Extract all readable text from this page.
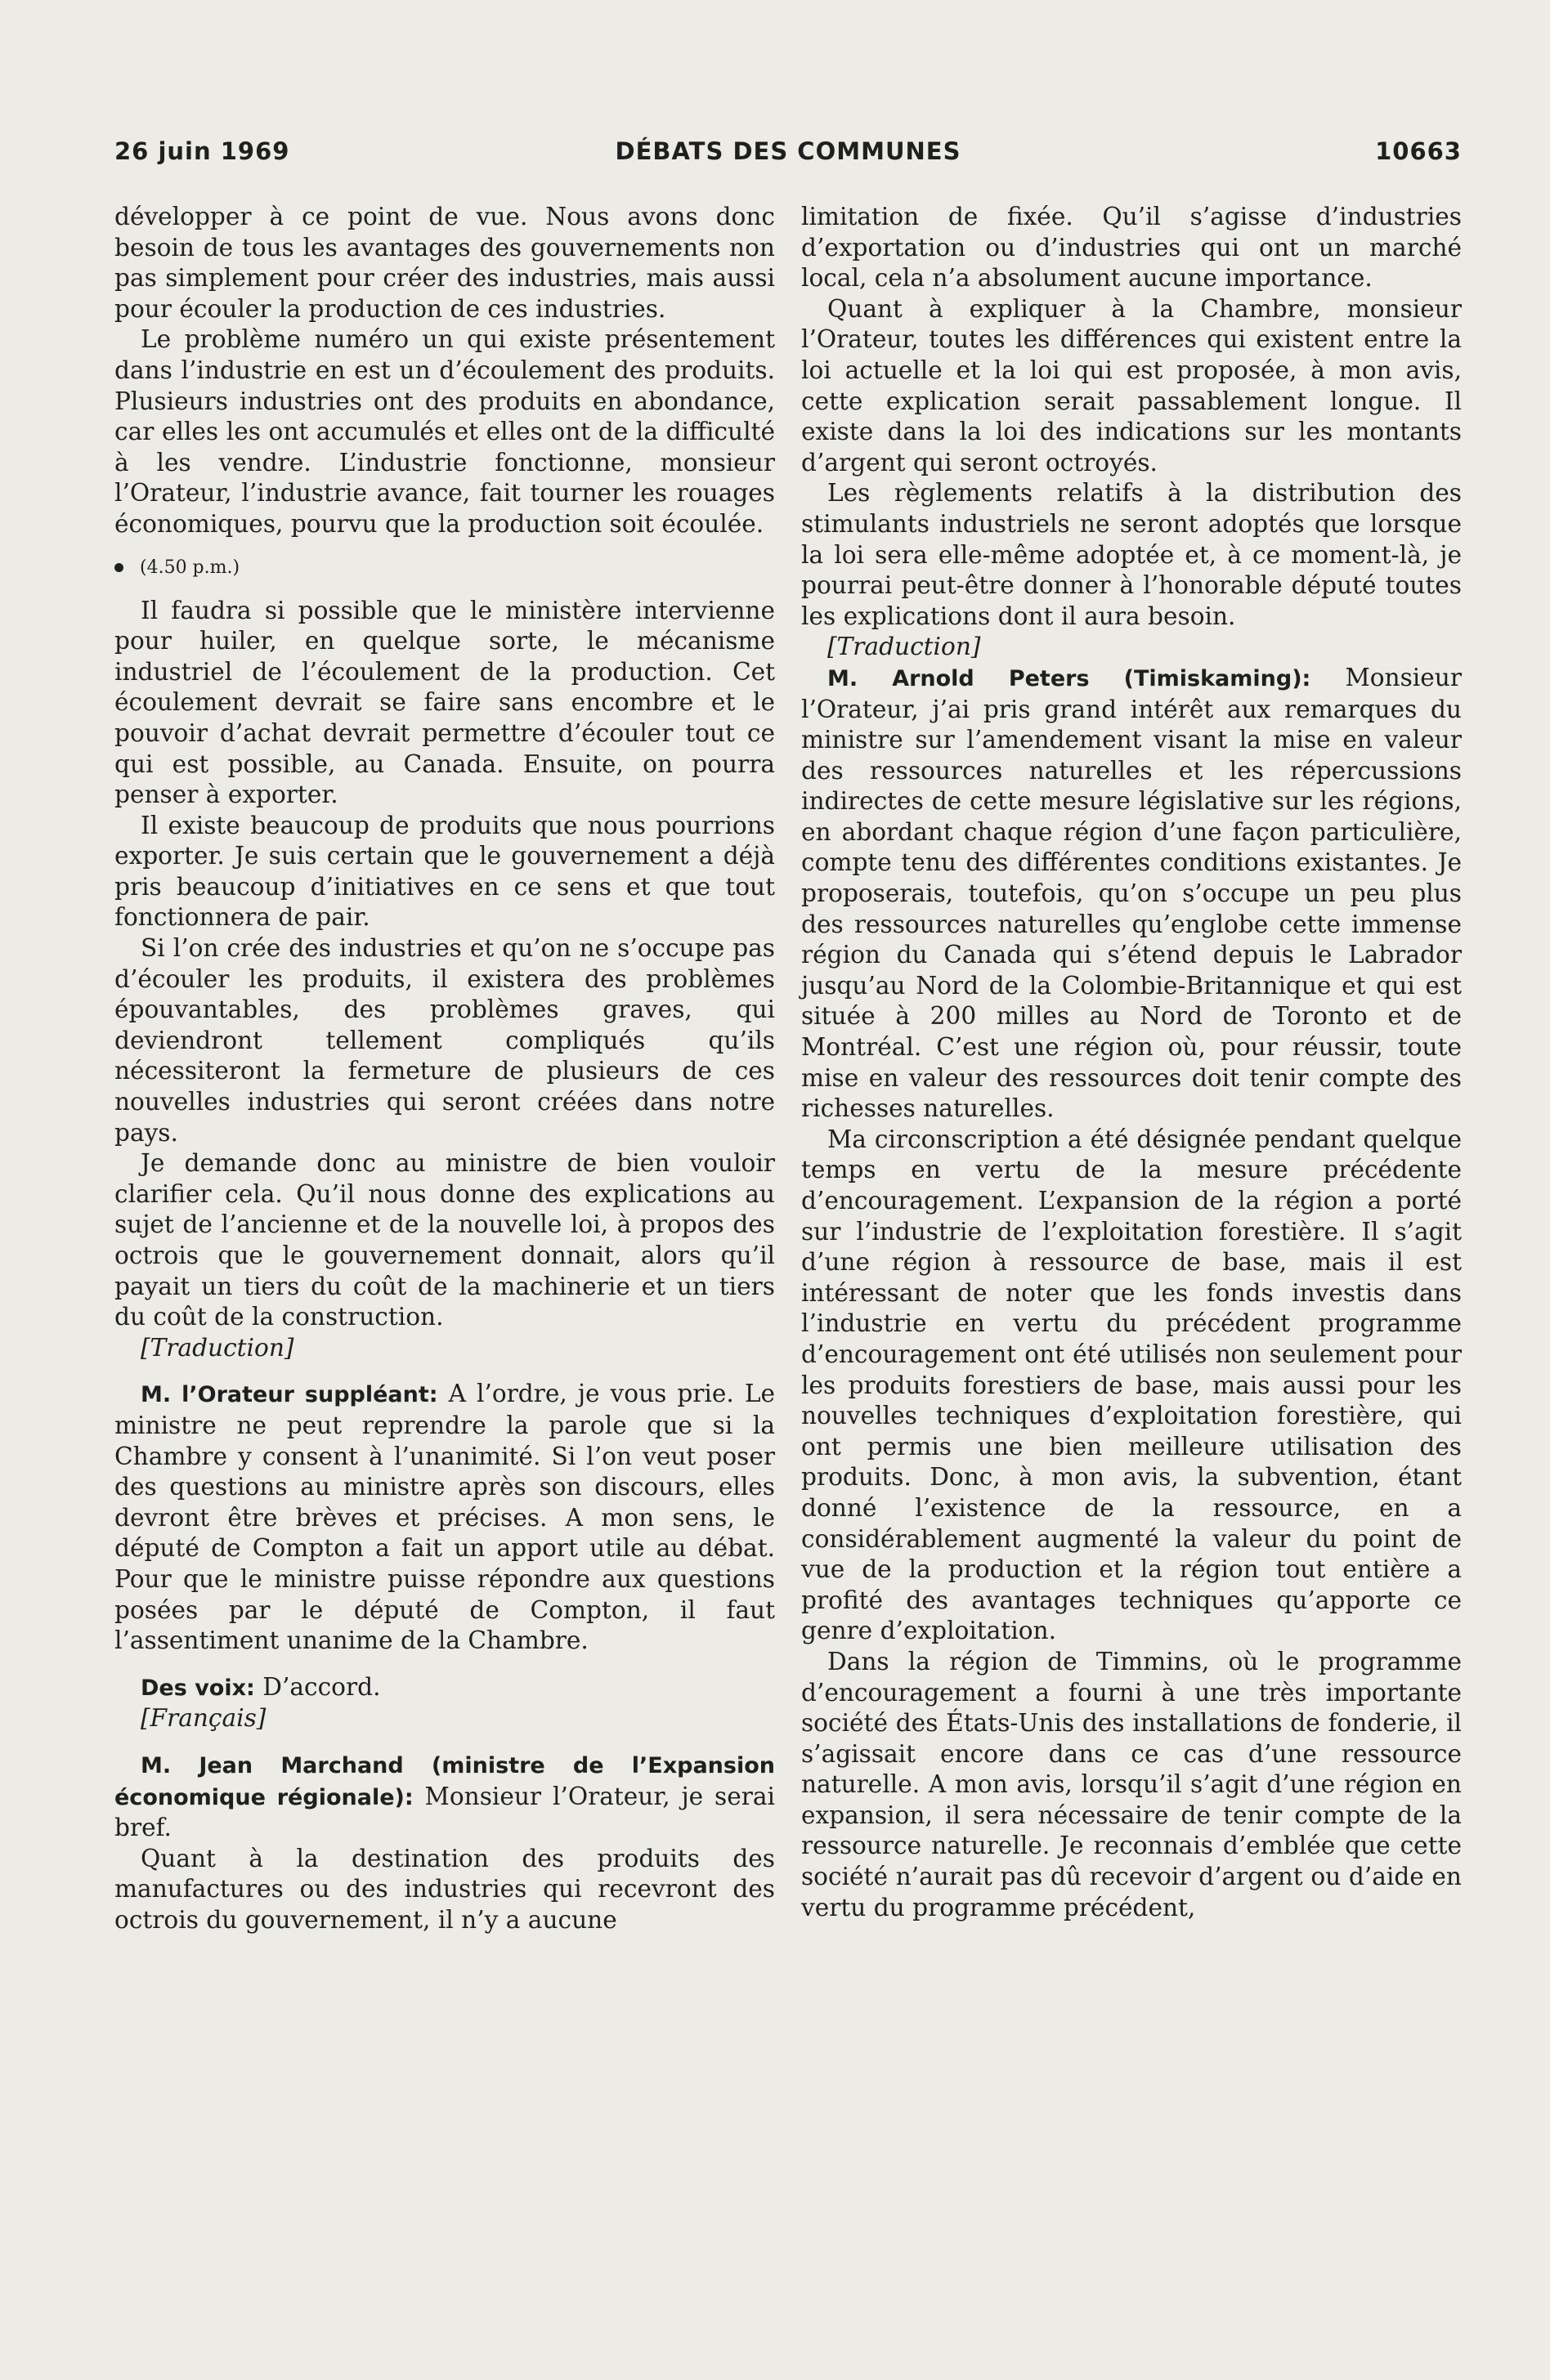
26 juin 1969	DÉBATS DES COMMUNES	10663

développer à ce point de vue. Nous avons donc besoin de tous les avantages des gouvernements non pas simplement pour créer des industries, mais aussi pour écouler la production de ces industries.

Le problème numéro un qui existe présentement dans l’industrie en est un d’écoulement des produits. Plusieurs industries ont des produits en abondance, car elles les ont accumulés et elles ont de la difficulté à les vendre. L’industrie fonctionne, monsieur l’Orateur, l’industrie avance, fait tourner les rouages économiques, pourvu que la production soit écoulée.

(4.50 p.m.)

Il faudra si possible que le ministère intervienne pour huiler, en quelque sorte, le mécanisme industriel de l’écoulement de la production. Cet écoulement devrait se faire sans encombre et le pouvoir d’achat devrait permettre d’écouler tout ce qui est possible, au Canada. Ensuite, on pourra penser à exporter.

Il existe beaucoup de produits que nous pourrions exporter. Je suis certain que le gouvernement a déjà pris beaucoup d’initiatives en ce sens et que tout fonctionnera de pair.

Si l’on crée des industries et qu’on ne s’occupe pas d’écouler les produits, il existera des problèmes épouvantables, des problèmes graves, qui deviendront tellement compliqués qu’ils nécessiteront la fermeture de plusieurs de ces nouvelles industries qui seront créées dans notre pays.

Je demande donc au ministre de bien vouloir clarifier cela. Qu’il nous donne des explications au sujet de l’ancienne et de la nouvelle loi, à propos des octrois que le gouvernement donnait, alors qu’il payait un tiers du coût de la machinerie et un tiers du coût de la construction.

[Traduction]

M. l’Orateur suppléant: A l’ordre, je vous prie. Le ministre ne peut reprendre la parole que si la Chambre y consent à l’unanimité. Si l’on veut poser des questions au ministre après son discours, elles devront être brèves et précises. A mon sens, le député de Compton a fait un apport utile au débat. Pour que le ministre puisse répondre aux questions posées par le député de Compton, il faut l’assentiment unanime de la Chambre.

Des voix: D’accord.

[Français]

M. Jean Marchand (ministre de l’Expansion économique régionale): Monsieur l’Orateur, je serai bref.

Quant à la destination des produits des manufactures ou des industries qui recevront des octrois du gouvernement, il n’y a aucune

limitation de fixée. Qu’il s’agisse d’industries d’exportation ou d’industries qui ont un marché local, cela n’a absolument aucune importance.

Quant à expliquer à la Chambre, monsieur l’Orateur, toutes les différences qui existent entre la loi actuelle et la loi qui est proposée, à mon avis, cette explication serait passablement longue. Il existe dans la loi des indications sur les montants d’argent qui seront octroyés.

Les règlements relatifs à la distribution des stimulants industriels ne seront adoptés que lorsque la loi sera elle-même adoptée et, à ce moment-là, je pourrai peut-être donner à l’honorable député toutes les explications dont il aura besoin.

[Traduction]

M. Arnold Peters (Timiskaming): Monsieur l’Orateur, j’ai pris grand intérêt aux remarques du ministre sur l’amendement visant la mise en valeur des ressources naturelles et les répercussions indirectes de cette mesure législative sur les régions, en abordant chaque région d’une façon particulière, compte tenu des différentes conditions existantes. Je proposerais, toutefois, qu’on s’occupe un peu plus des ressources naturelles qu’englobe cette immense région du Canada qui s’étend depuis le Labrador jusqu’au Nord de la Colombie-Britannique et qui est située à 200 milles au Nord de Toronto et de Montréal. C’est une région où, pour réussir, toute mise en valeur des ressources doit tenir compte des richesses naturelles.

Ma circonscription a été désignée pendant quelque temps en vertu de la mesure précédente d’encouragement. L’expansion de la région a porté sur l’industrie de l’exploitation forestière. Il s’agit d’une région à ressource de base, mais il est intéressant de noter que les fonds investis dans l’industrie en vertu du précédent programme d’encouragement ont été utilisés non seulement pour les produits forestiers de base, mais aussi pour les nouvelles techniques d’exploitation forestière, qui ont permis une bien meilleure utilisation des produits. Donc, à mon avis, la subvention, étant donné l’existence de la ressource, en a considérablement augmenté la valeur du point de vue de la production et la région tout entière a profité des avantages techniques qu’apporte ce genre d’exploitation.

Dans la région de Timmins, où le programme d’encouragement a fourni à une très importante société des États-Unis des installations de fonderie, il s’agissait encore dans ce cas d’une ressource naturelle. A mon avis, lorsqu’il s’agit d’une région en expansion, il sera nécessaire de tenir compte de la ressource naturelle. Je reconnais d’emblée que cette société n’aurait pas dû recevoir d’argent ou d’aide en vertu du programme précédent,
